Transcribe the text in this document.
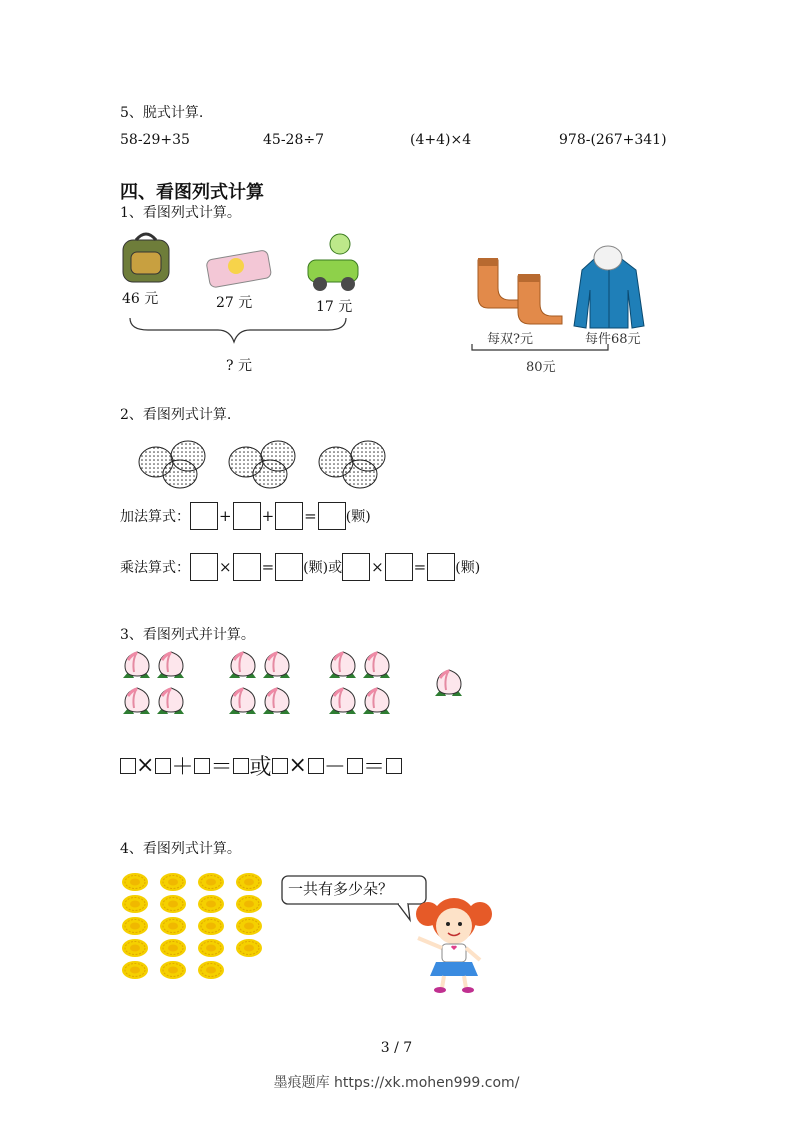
5、脱式计算.
58-29+35	45-28÷7	(4+4)×4	978-(267+341)
四、看图列式计算
1、看图列式计算。
46 元	27 元	17 元
? 元
每双?元	每件68元
80元
2、看图列式计算.
加法算式： + + = (颗)
乘法算式： × = (颗) 或 × = (颗)
3、看图列式并计算。
× ＋ ＝ 或 × － ＝
4、看图列式计算。
一共有多少朵？
3 / 7
墨痕题库 https://xk.mohen999.com/
